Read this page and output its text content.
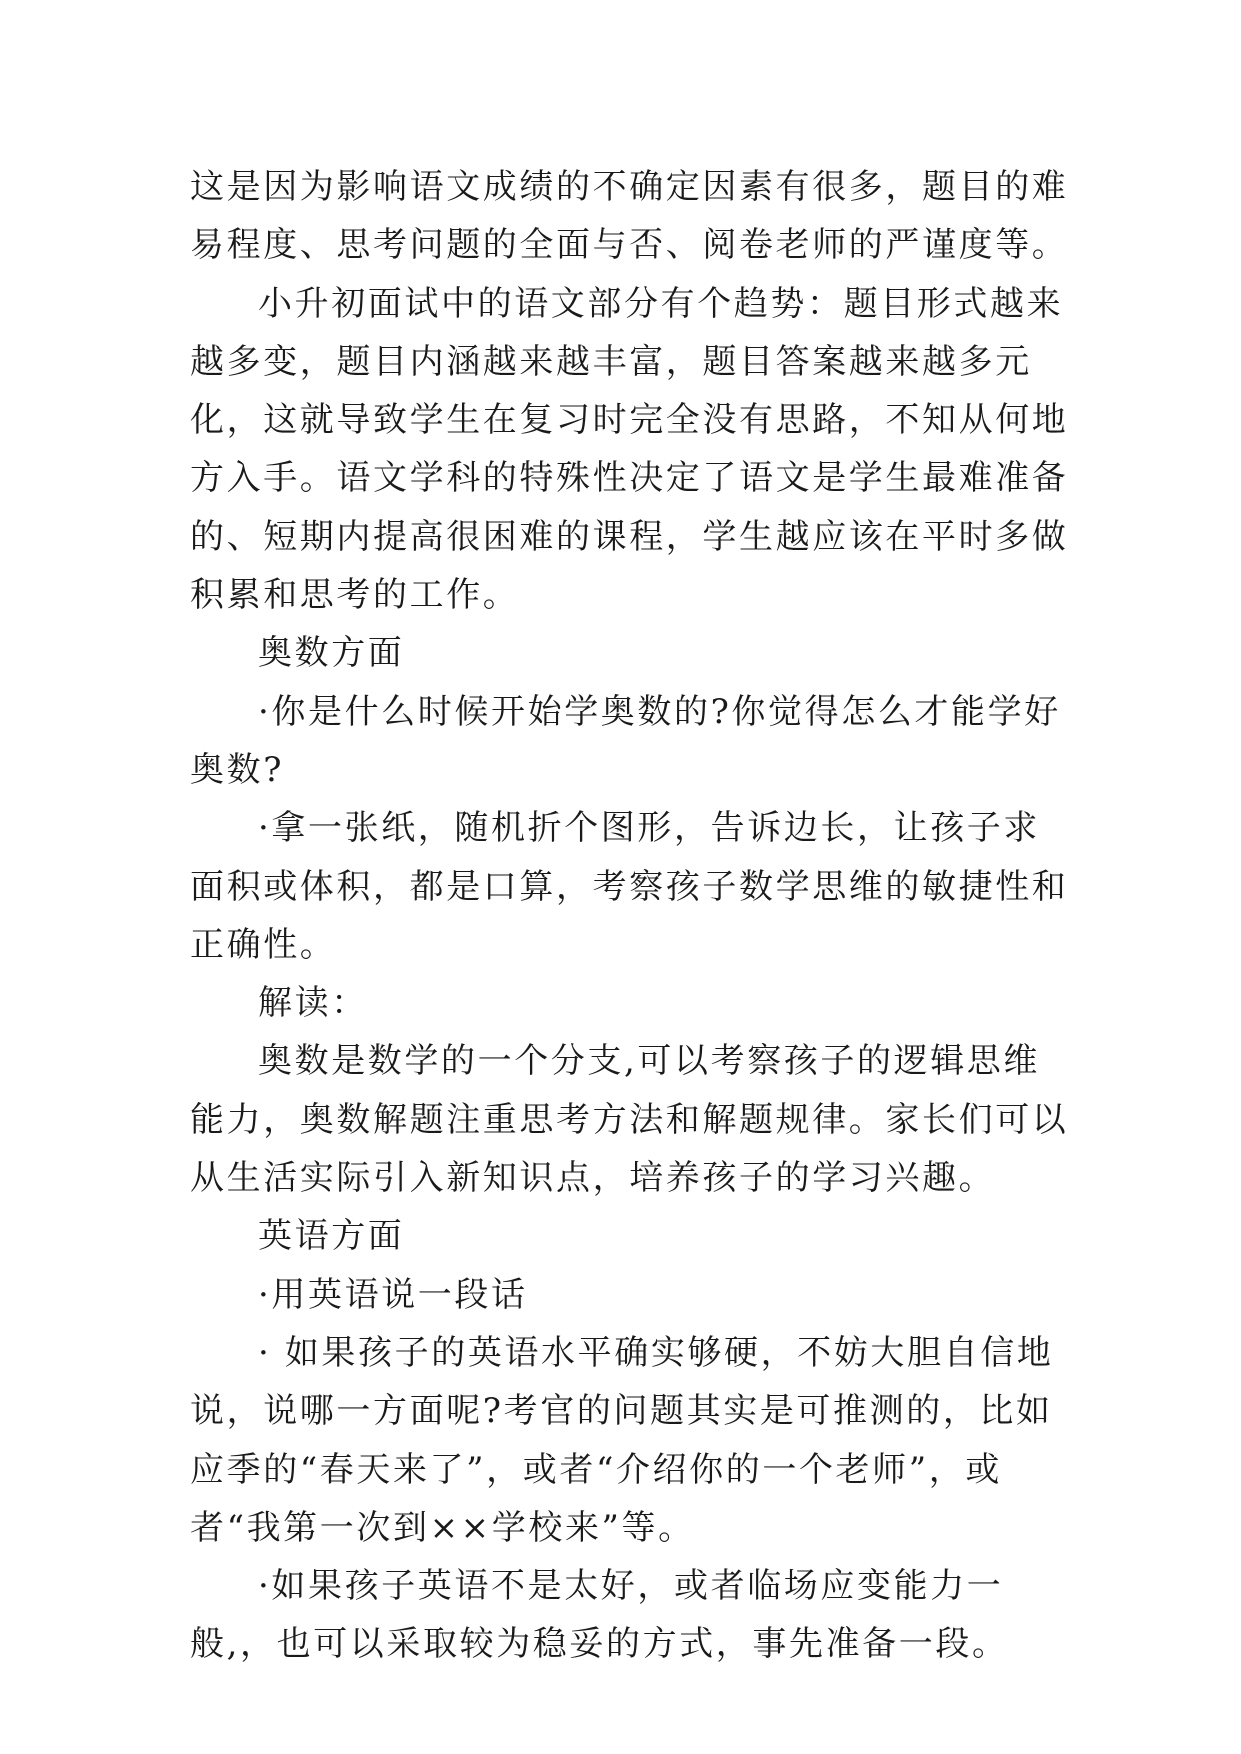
这是因为影响语文成绩的不确定因素有很多，题目的难易程度、思考问题的全面与否、阅卷老师的严谨度等。

小升初面试中的语文部分有个趋势：题目形式越来越多变，题目内涵越来越丰富，题目答案越来越多元化，这就导致学生在复习时完全没有思路，不知从何地方入手。语文学科的特殊性决定了语文是学生最难准备的、短期内提高很困难的课程，学生越应该在平时多做积累和思考的工作。

奥数方面

·你是什么时候开始学奥数的?你觉得怎么才能学好奥数?

·拿一张纸，随机折个图形，告诉边长，让孩子求面积或体积，都是口算，考察孩子数学思维的敏捷性和正确性。

解读：

奥数是数学的一个分支,可以考察孩子的逻辑思维能力，奥数解题注重思考方法和解题规律。家长们可以从生活实际引入新知识点，培养孩子的学习兴趣。

英语方面

·用英语说一段话

· 如果孩子的英语水平确实够硬，不妨大胆自信地说，说哪一方面呢?考官的问题其实是可推测的，比如应季的“春天来了”，或者“介绍你的一个老师”，或者“我第一次到××学校来”等。

·如果孩子英语不是太好，或者临场应变能力一般,，也可以采取较为稳妥的方式，事先准备一段。
